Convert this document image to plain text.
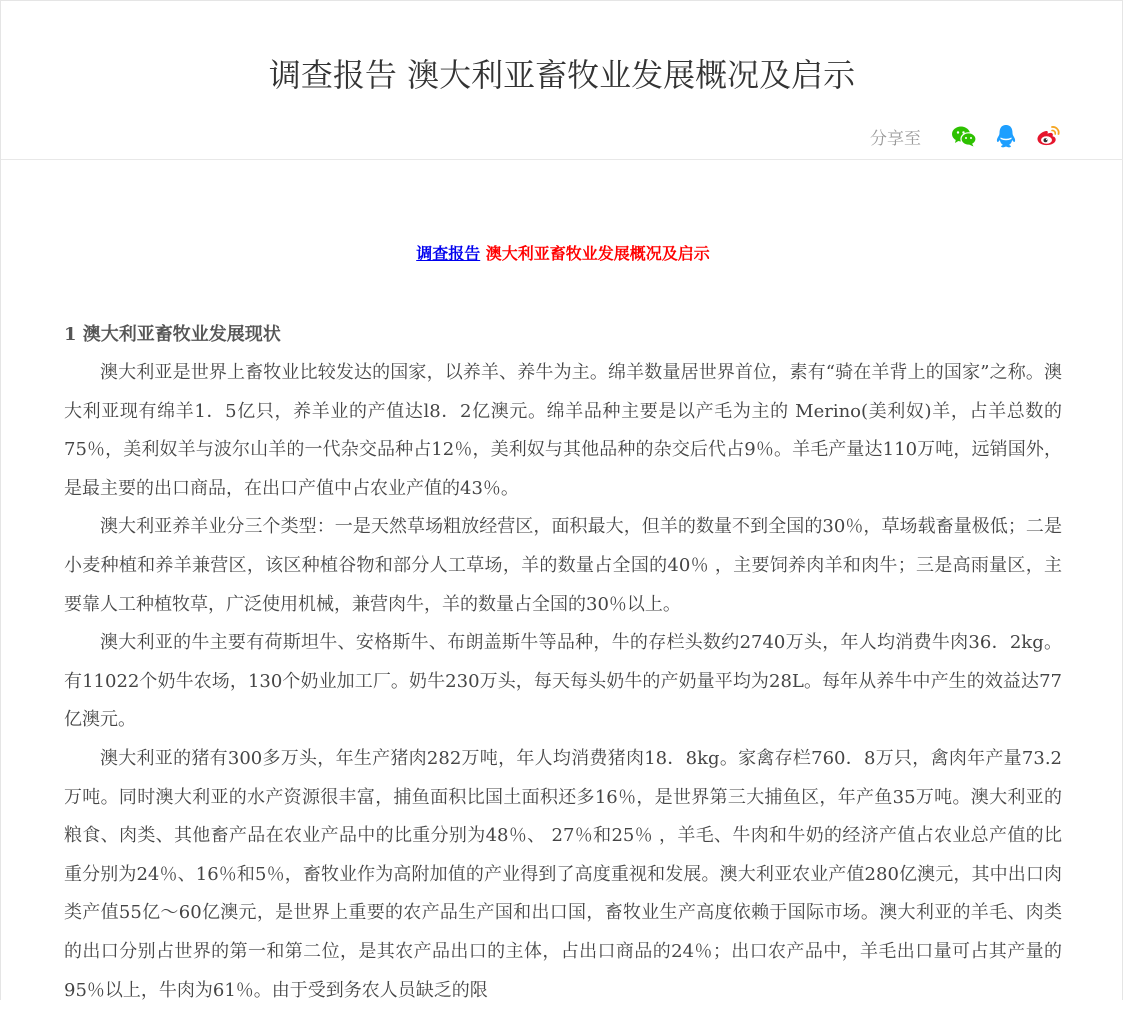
调查报告 澳大利亚畜牧业发展概况及启示
分享至
调查报告 澳大利亚畜牧业发展概况及启示
1 澳大利亚畜牧业发展现状

澳大利亚是世界上畜牧业比较发达的国家，以养羊、养牛为主。绵羊数量居世界首位，素有“骑在羊背上的国家”之称。澳大利亚现有绵羊1．5亿只，养羊业的产值达l8．2亿澳元。绵羊品种主要是以产毛为主的 Merino(美利奴)羊，占羊总数的75％，美利奴羊与波尔山羊的一代杂交品种占12％，美利奴与其他品种的杂交后代占9％。羊毛产量达110万吨，远销国外，是最主要的出口商品，在出口产值中占农业产值的43％。

澳大利亚养羊业分三个类型：一是天然草场粗放经营区，面积最大，但羊的数量不到全国的30％，草场载畜量极低；二是小麦种植和养羊兼营区，该区种植谷物和部分人工草场，羊的数量占全国的40％ ，主要饲养肉羊和肉牛；三是高雨量区，主要靠人工种植牧草，广泛使用机械，兼营肉牛，羊的数量占全国的30％以上。

澳大利亚的牛主要有荷斯坦牛、安格斯牛、布朗盖斯牛等品种，牛的存栏头数约2740万头，年人均消费牛肉36．2kg。有11022个奶牛农场，130个奶业加工厂。奶牛230万头，每天每头奶牛的产奶量平均为28L。每年从养牛中产生的效益达77亿澳元。

澳大利亚的猪有300多万头，年生产猪肉282万吨，年人均消费猪肉18．8kg。家禽存栏760．8万只，禽肉年产量73.2万吨。同时澳大利亚的水产资源很丰富，捕鱼面积比国土面积还多16％，是世界第三大捕鱼区，年产鱼35万吨。澳大利亚的粮食、肉类、其他畜产品在农业产品中的比重分别为48％、 27％和25％ ，羊毛、牛肉和牛奶的经济产值占农业总产值的比重分别为24％、16％和5％，畜牧业作为高附加值的产业得到了高度重视和发展。澳大利亚农业产值280亿澳元，其中出口肉类产值55亿～60亿澳元，是世界上重要的农产品生产国和出口国，畜牧业生产高度依赖于国际市场。澳大利亚的羊毛、肉类的出口分别占世界的第一和第二位，是其农产品出口的主体，占出口商品的24％；出口农产品中，羊毛出口量可占其产量的95％以上，牛肉为61％。由于受到务农人员缺乏的限
